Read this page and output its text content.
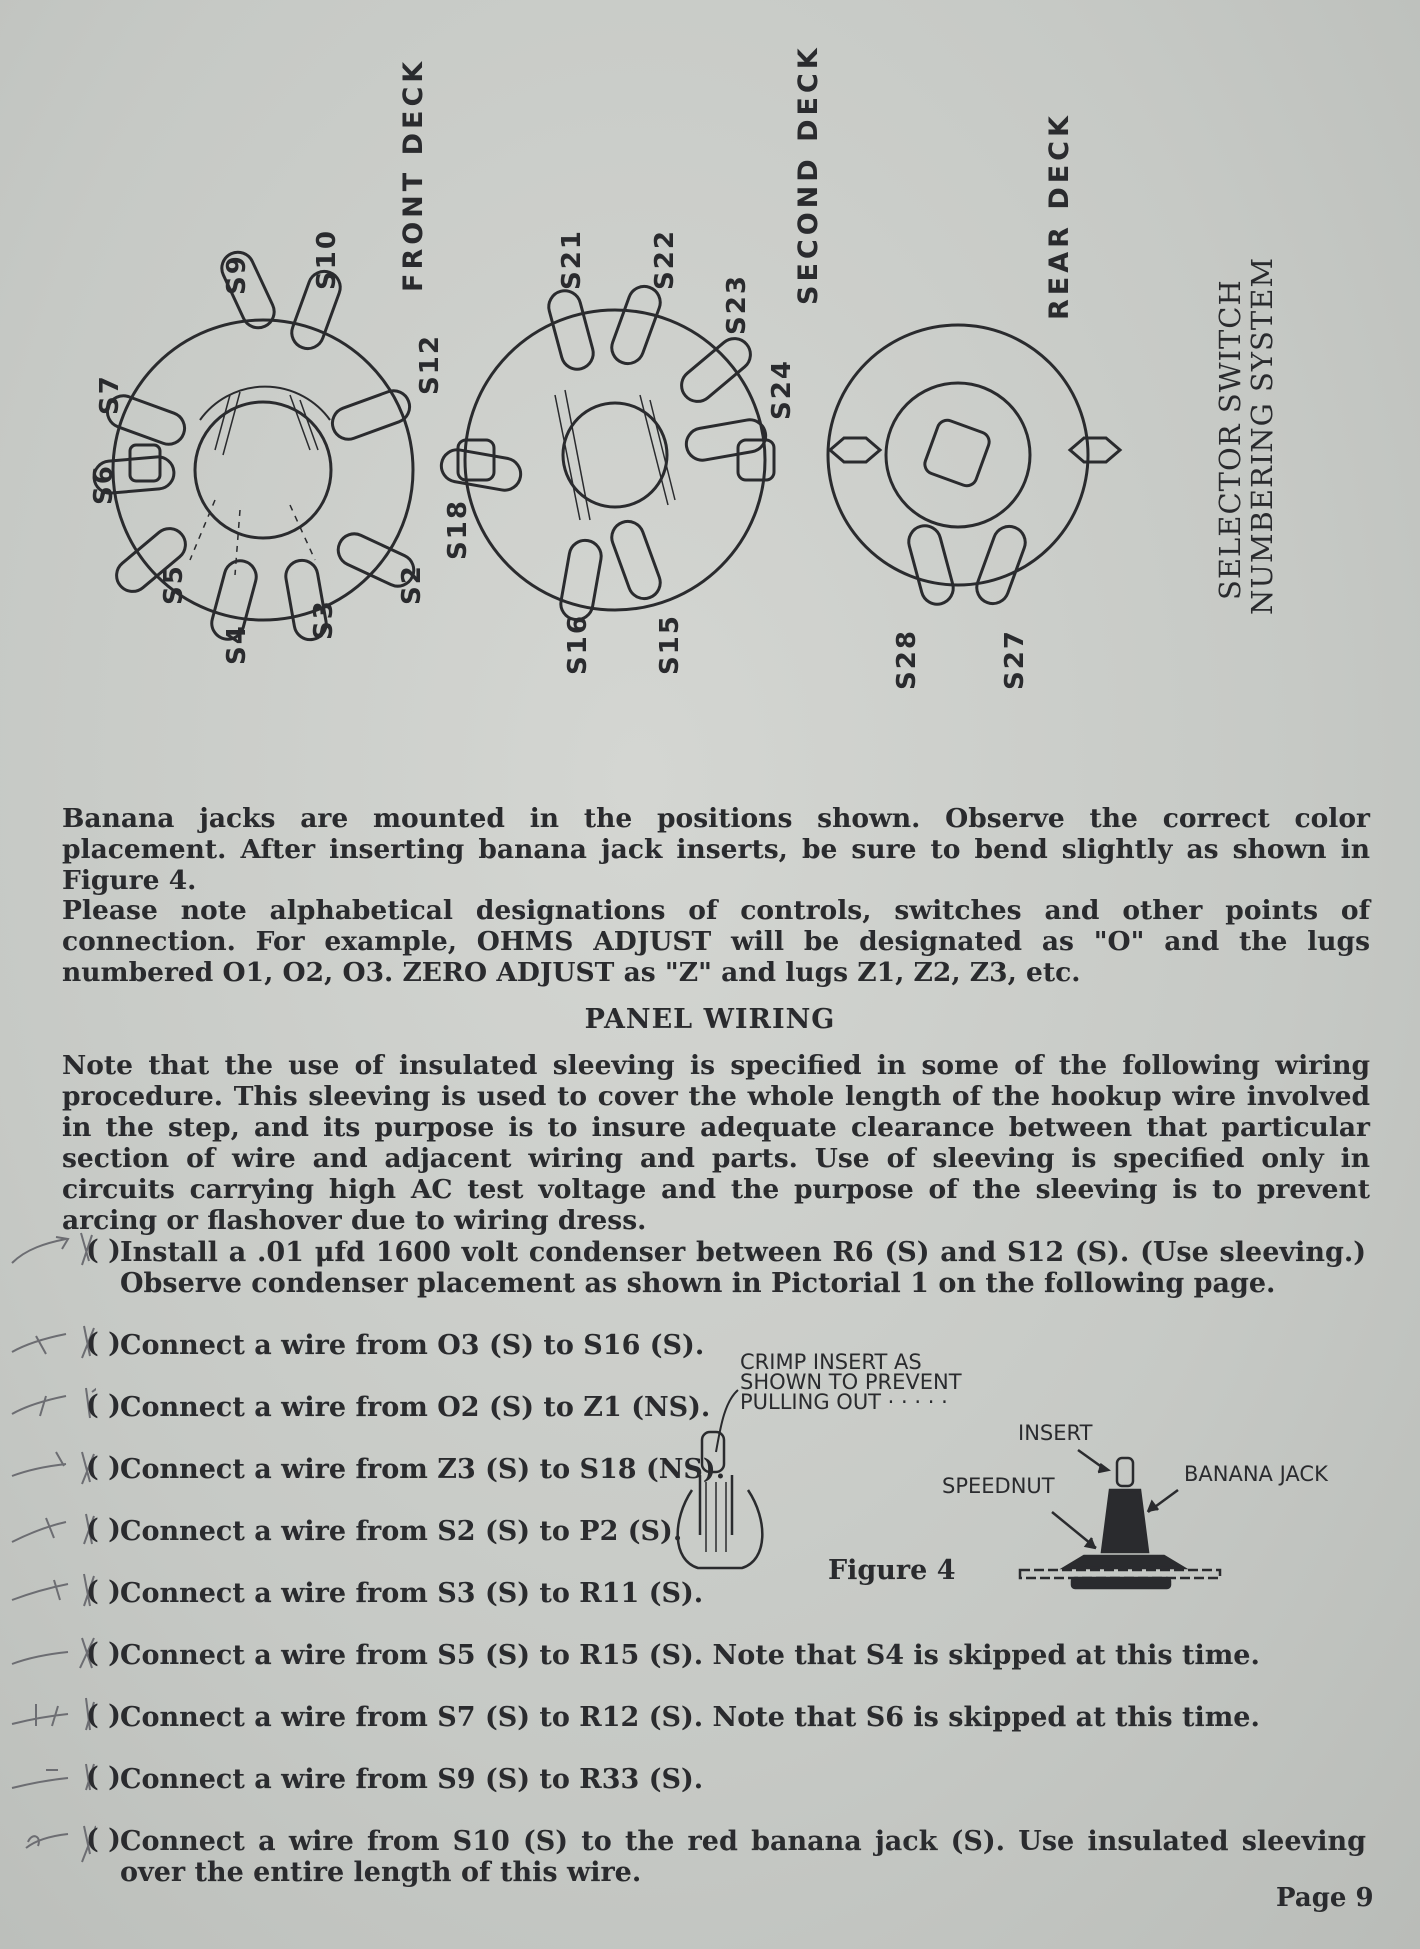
S2
S3
S4
S5
S6
S7
S9 S10
S12
S15
S16
S18
S21 S22
S23
S24
S27
S28
FRONT DECK	SECOND DECK	REAR DECK
SELECTOR SWITCH
NUMBERING SYSTEM
Banana jacks are mounted in the positions shown. Observe the correct color placement. After inserting banana jack inserts, be sure to bend slightly as shown in Figure 4.
Please note alphabetical designations of controls, switches and other points of connection. For example, OHMS ADJUST will be designated as "O" and the lugs numbered O1, O2, O3. ZERO ADJUST as "Z" and lugs Z1, Z2, Z3, etc.
PANEL WIRING
Note that the use of insulated sleeving is specified in some of the following wiring procedure. This sleeving is used to cover the whole length of the hookup wire involved in the step, and its purpose is to insure adequate clearance between that particular section of wire and adjacent wiring and parts. Use of sleeving is specified only in circuits carrying high AC test voltage and the purpose of the sleeving is to prevent arcing or flashover due to wiring dress.
( ) Install a .01 μfd 1600 volt condenser between R6 (S) and S12 (S). (Use sleeving.) Observe condenser placement as shown in Pictorial 1 on the following page.
( ) Connect a wire from O3 (S) to S16 (S).
( ) Connect a wire from O2 (S) to Z1 (NS).
( ) Connect a wire from Z3 (S) to S18 (NS).
( ) Connect a wire from S2 (S) to P2 (S).
( ) Connect a wire from S3 (S) to R11 (S).
( ) Connect a wire from S5 (S) to R15 (S). Note that S4 is skipped at this time.
( ) Connect a wire from S7 (S) to R12 (S). Note that S6 is skipped at this time.
( ) Connect a wire from S9 (S) to R33 (S).
( ) Connect a wire from S10 (S) to the red banana jack (S). Use insulated sleeving over the entire length of this wire.
CRIMP INSERT AS
SHOWN TO PREVENT
PULLING OUT · · · · ·
INSERT
BANANA JACK
SPEEDNUT
Figure 4
Page 9
